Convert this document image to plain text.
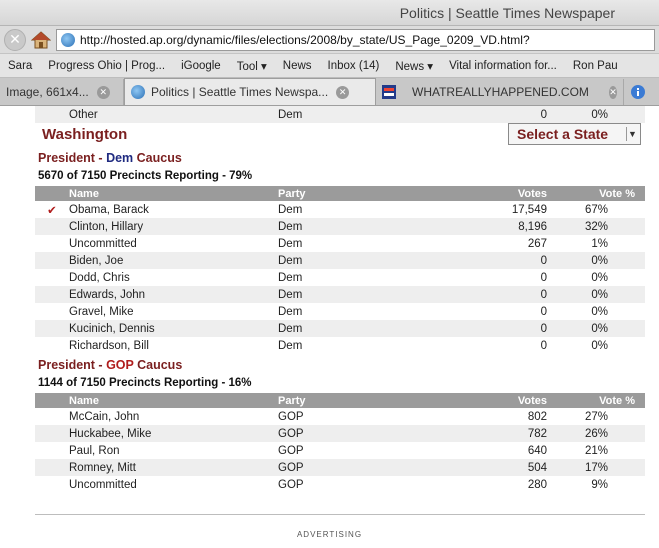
Politics | Seattle Times Newspaper
✕	http://hosted.ap.org/dynamic/files/elections/2008/by_state/US_Page_0209_VD.html?
Sara	Progress Ohio | Prog...	iGoogle	Tool ▾	News	Inbox (14)	News ▾	Vital information for...	Ron Pau
Image, 661x4...	✕	Politics | Seattle Times Newspa...	✕	WHATREALLYHAPPENED.COM ✕
	Other	Dem	0	0%
Washington	Select a State ▼
President - Dem Caucus
5670 of 7150 Precincts Reporting - 79%
	Name	Party	Votes	Vote %
✔	Obama, Barack	Dem	17,549	67%
	Clinton, Hillary	Dem	8,196	32%
	Uncommitted	Dem	267	1%
	Biden, Joe	Dem	0	0%
	Dodd, Chris	Dem	0	0%
	Edwards, John	Dem	0	0%
	Gravel, Mike	Dem	0	0%
	Kucinich, Dennis	Dem	0	0%
	Richardson, Bill	Dem	0	0%
President - GOP Caucus
1144 of 7150 Precincts Reporting - 16%
	Name	Party	Votes	Vote %
	McCain, John	GOP	802	27%
	Huckabee, Mike	GOP	782	26%
	Paul, Ron	GOP	640	21%
	Romney, Mitt	GOP	504	17%
	Uncommitted	GOP	280	9%
ADVERTISING
